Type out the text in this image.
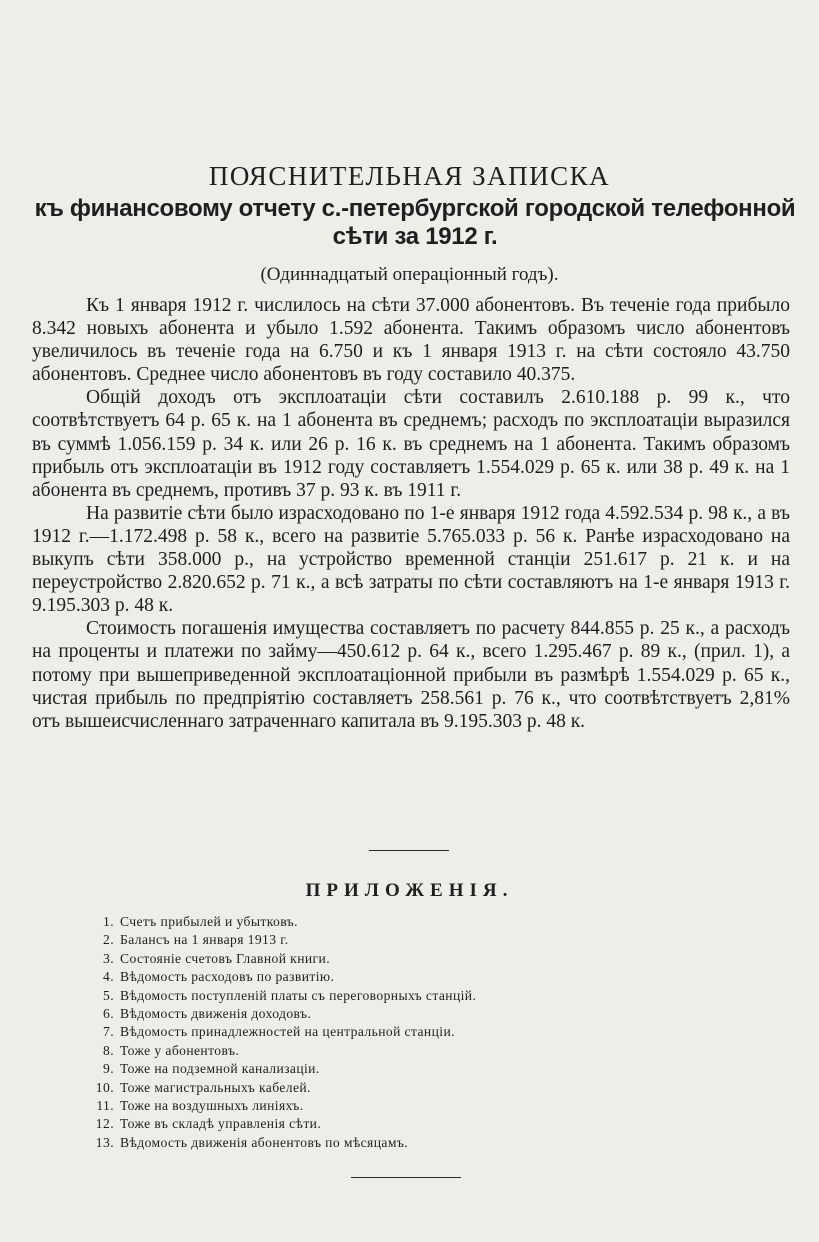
ПОЯСНИТЕЛЬНАЯ ЗАПИСКА
къ финансовому отчету с.-петербургской городской телефонной сѣти за 1912 г.
(Одиннадцатый операціонный годъ).

Къ 1 января 1912 г. числилось на сѣти 37.000 абонентовъ. Въ теченіе года прибыло 8.342 новыхъ абонента и убыло 1.592 абонента. Такимъ образомъ число абонентовъ увеличилось въ теченіе года на 6.750 и къ 1 января 1913 г. на сѣти состояло 43.750 абонентовъ. Среднее число абонентовъ въ году составило 40.375.

Общій доходъ отъ эксплоатаціи сѣти составилъ 2.610.188 р. 99 к., что соотвѣтствуетъ 64 р. 65 к. на 1 абонента въ среднемъ; расходъ по эксплоатаціи выразился въ суммѣ 1.056.159 р. 34 к. или 26 р. 16 к. въ среднемъ на 1 абонента. Такимъ образомъ прибыль отъ эксплоатаціи въ 1912 году составляетъ 1.554.029 р. 65 к. или 38 р. 49 к. на 1 абонента въ среднемъ, противъ 37 р. 93 к. въ 1911 г.

На развитіе сѣти было израсходовано по 1-е января 1912 года 4.592.534 р. 98 к., а въ 1912 г.—1.172.498 р. 58 к., всего на развитіе 5.765.033 р. 56 к. Ранѣе израсходовано на выкупъ сѣти 358.000 р., на устройство временной станціи 251.617 р. 21 к. и на переустройство 2.820.652 р. 71 к., а всѣ затраты по сѣти составляютъ на 1-е января 1913 г. 9.195.303 р. 48 к.

Стоимость погашенія имущества составляетъ по расчету 844.855 р. 25 к., а расходъ на проценты и платежи по займу—450.612 р. 64 к., всего 1.295.467 р. 89 к., (прил. 1), а потому при вышеприведенной эксплоатаціонной прибыли въ размѣрѣ 1.554.029 р. 65 к., чистая прибыль по предпріятію составляетъ 258.561 р. 76 к., что соотвѣтствуетъ 2,81% отъ вышеисчисленнаго затраченнаго капитала въ 9.195.303 р. 48 к.

ПРИЛОЖЕНІЯ.
1. Счетъ прибылей и убытковъ.
2. Балансъ на 1 января 1913 г.
3. Состояніе счетовъ Главной книги.
4. Вѣдомость расходовъ по развитію.
5. Вѣдомость поступленій платы съ переговорныхъ станцій.
6. Вѣдомость движенія доходовъ.
7. Вѣдомость принадлежностей на центральной станціи.
8. Тоже у абонентовъ.
9. Тоже на подземной канализаціи.
10. Тоже магистральныхъ кабелей.
11. Тоже на воздушныхъ линіяхъ.
12. Тоже въ складѣ управленія сѣти.
13. Вѣдомость движенія абонентовъ по мѣсяцамъ.
